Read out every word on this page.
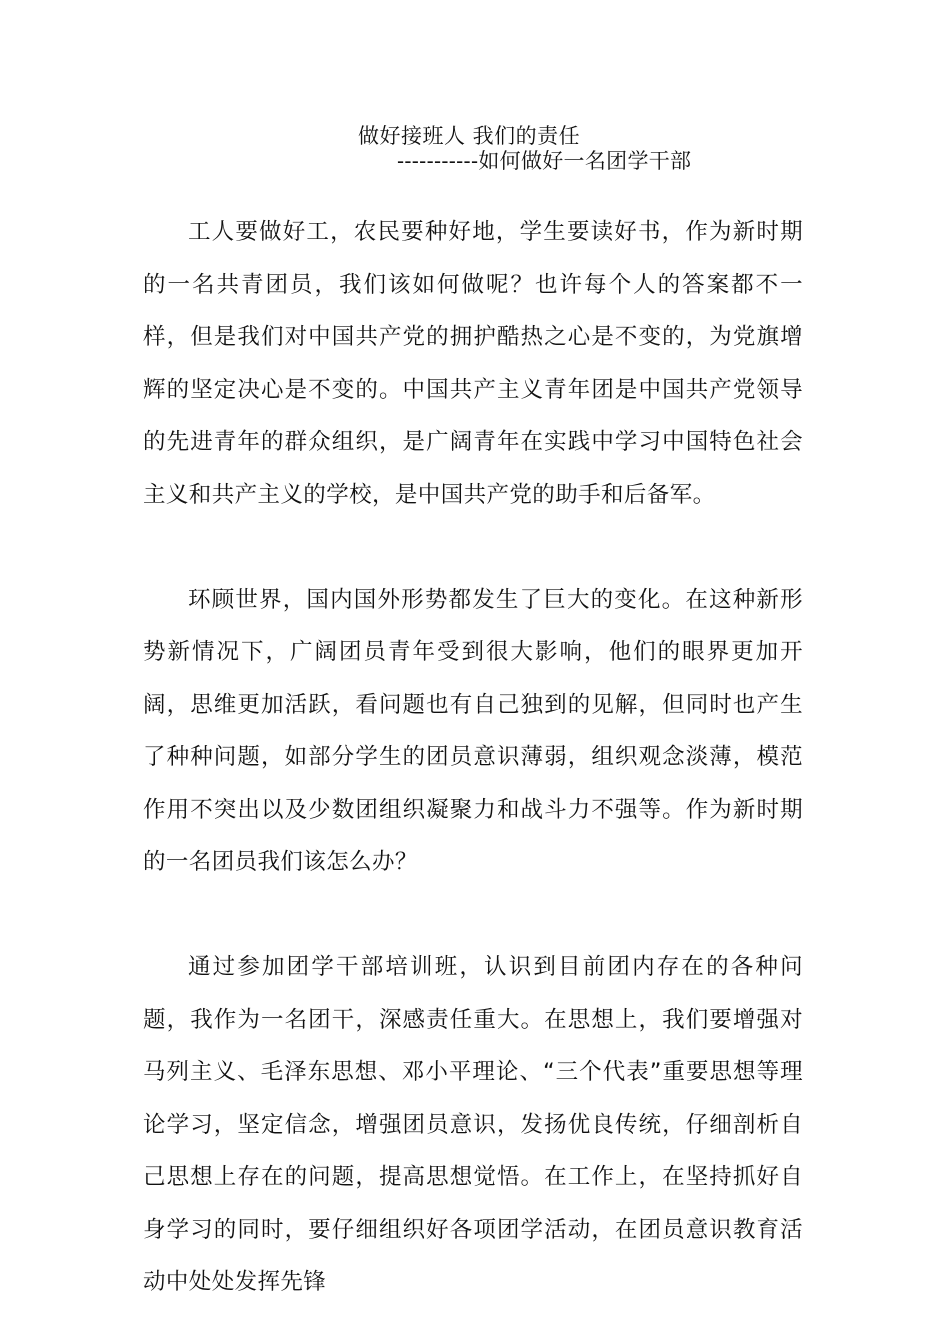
做好接班人 我们的责任
-----------如何做好一名团学干部

工人要做好工，农民要种好地，学生要读好书，作为新时期的一名共青团员，我们该如何做呢？也许每个人的答案都不一样，但是我们对中国共产党的拥护酷热之心是不变的，为党旗增辉的坚定决心是不变的。中国共产主义青年团是中国共产党领导的先进青年的群众组织，是广阔青年在实践中学习中国特色社会主义和共产主义的学校，是中国共产党的助手和后备军。

环顾世界，国内国外形势都发生了巨大的变化。在这种新形势新情况下，广阔团员青年受到很大影响，他们的眼界更加开阔，思维更加活跃，看问题也有自己独到的见解，但同时也产生了种种问题，如部分学生的团员意识薄弱，组织观念淡薄，模范作用不突出以及少数团组织凝聚力和战斗力不强等。作为新时期的一名团员我们该怎么办？

通过参加团学干部培训班，认识到目前团内存在的各种问题，我作为一名团干，深感责任重大。在思想上，我们要增强对马列主义、毛泽东思想、邓小平理论、“三个代表”重要思想等理论学习，坚定信念，增强团员意识，发扬优良传统，仔细剖析自己思想上存在的问题，提高思想觉悟。在工作上，在坚持抓好自身学习的同时，要仔细组织好各项团学活动，在团员意识教育活动中处处发挥先锋
